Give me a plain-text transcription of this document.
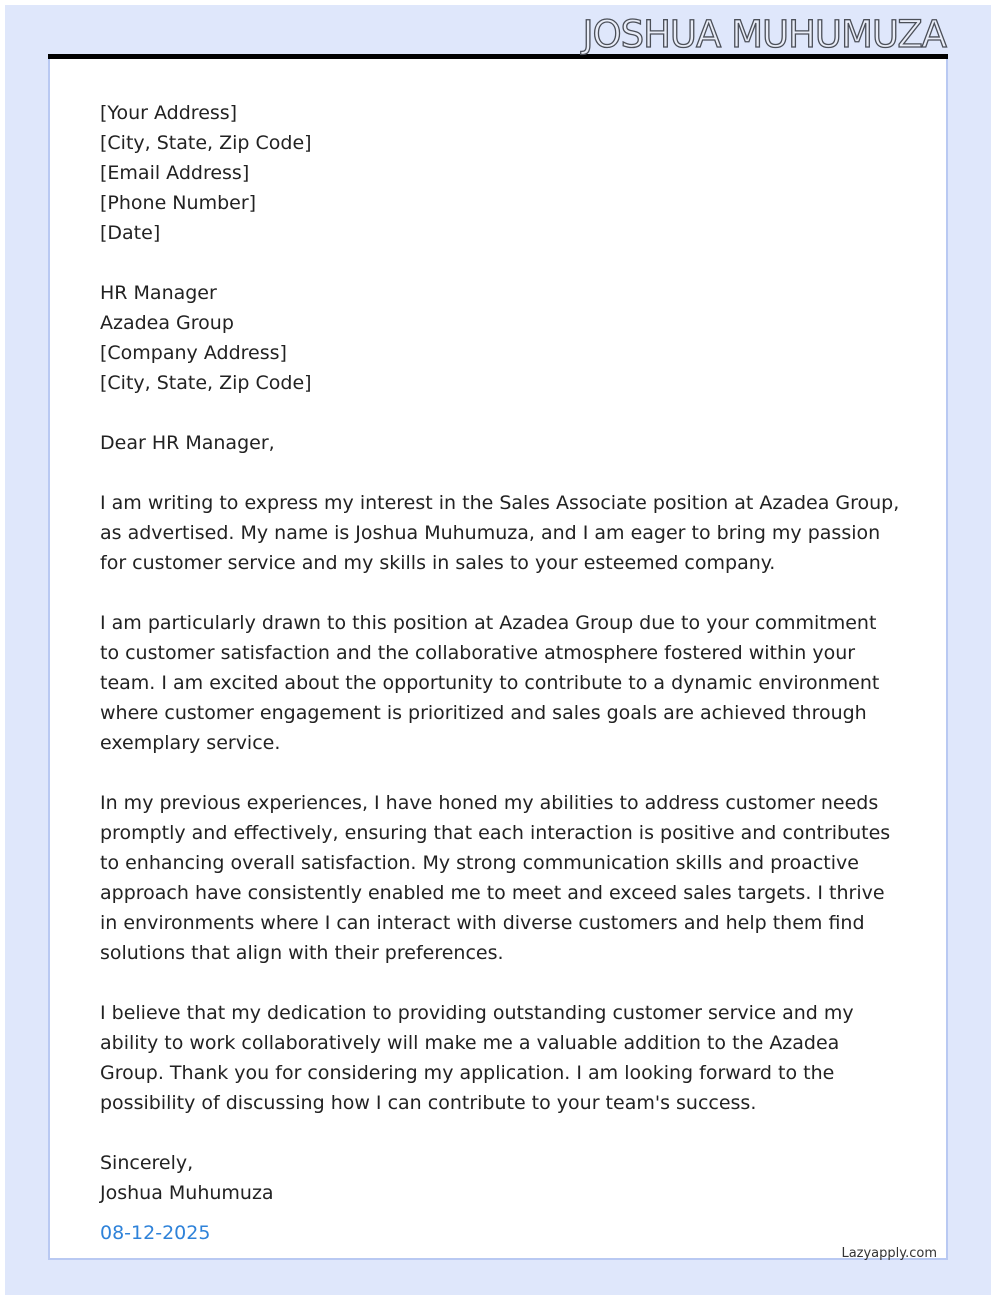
JOSHUA MUHUMUZA
[Your Address]
[City, State, Zip Code]
[Email Address]
[Phone Number]
[Date]
HR Manager
Azadea Group
[Company Address]
[City, State, Zip Code]
Dear HR Manager,

I am writing to express my interest in the Sales Associate position at Azadea Group, as advertised. My name is Joshua Muhumuza, and I am eager to bring my passion for customer service and my skills in sales to your esteemed company.

I am particularly drawn to this position at Azadea Group due to your commitment to customer satisfaction and the collaborative atmosphere fostered within your team. I am excited about the opportunity to contribute to a dynamic environment where customer engagement is prioritized and sales goals are achieved through exemplary service.

In my previous experiences, I have honed my abilities to address customer needs promptly and effectively, ensuring that each interaction is positive and contributes to enhancing overall satisfaction. My strong communication skills and proactive approach have consistently enabled me to meet and exceed sales targets. I thrive in environments where I can interact with diverse customers and help them find solutions that align with their preferences.

I believe that my dedication to providing outstanding customer service and my ability to work collaboratively will make me a valuable addition to the Azadea Group. Thank you for considering my application. I am looking forward to the possibility of discussing how I can contribute to your team's success.

Sincerely,
Joshua Muhumuza
08-12-2025
Lazyapply.com
